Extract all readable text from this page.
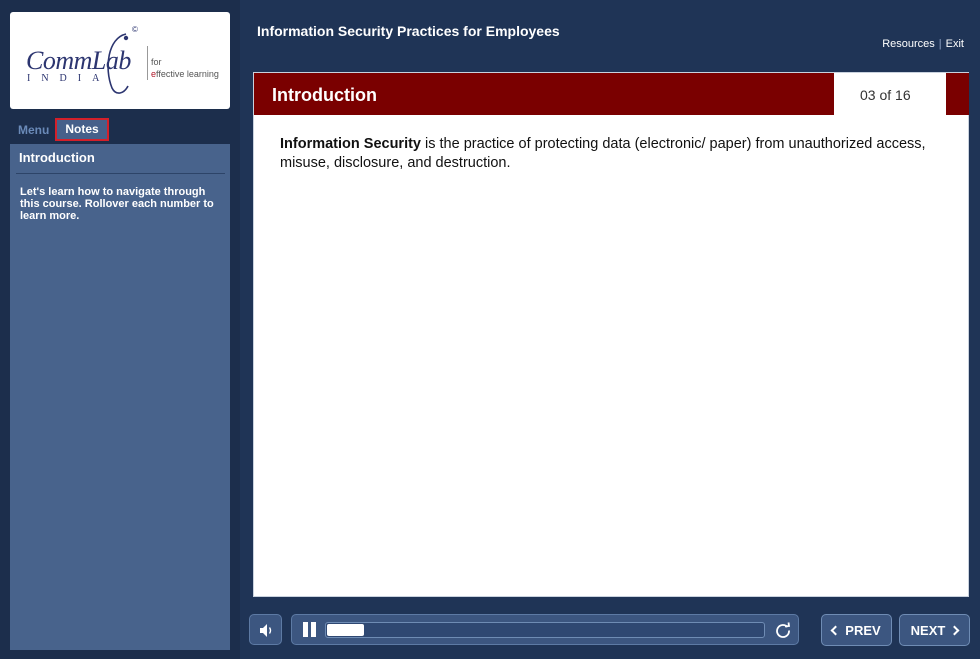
©
CommLab
INDIA
for
effective learning
Menu	Notes
Introduction
Let's learn how to navigate through this course. Rollover each number to learn more.
Information Security Practices for Employees
Resources | Exit
Introduction	03 of 16

Information Security is the practice of protecting data (electronic/ paper) from unauthorized access, misuse, disclosure, and destruction.

PREV NEXT
